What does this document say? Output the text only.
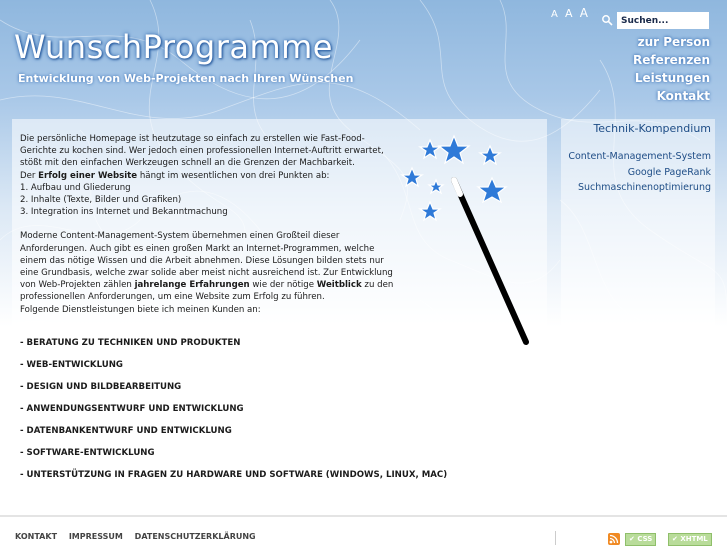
WunschProgramme
Entwicklung von Web-Projekten nach Ihren Wünschen
A A A
Suchen...
zur Person
Referenzen
Leistungen
Kontakt
Technik-Kompendium
Content-Management-System
Google PageRank
Suchmaschinenoptimierung

Die persönliche Homepage ist heutzutage so einfach zu erstellen wie Fast-Food-Gerichte zu kochen sind. Wer jedoch einen professionellen Internet-Auftritt erwartet, stößt mit den einfachen Werkzeugen schnell an die Grenzen der Machbarkeit.

Der Erfolg einer Website hängt im wesentlichen von drei Punkten ab:

1. Aufbau und Gliederung

2. Inhalte (Texte, Bilder und Grafiken)

3. Integration ins Internet und Bekanntmachung

Moderne Content-Management-System übernehmen einen Großteil dieser Anforderungen. Auch gibt es einen großen Markt an Internet-Programmen, welche einem das nötige Wissen und die Arbeit abnehmen. Diese Lösungen bilden stets nur eine Grundbasis, welche zwar solide aber meist nicht ausreichend ist. Zur Entwicklung von Web-Projekten zählen jahrelange Erfahrungen wie der nötige Weitblick zu den professionellen Anforderungen, um eine Website zum Erfolg zu führen.

Folgende Dienstleistungen biete ich meinen Kunden an:

- BERATUNG ZU TECHNIKEN UND PRODUKTEN
- WEB-ENTWICKLUNG
- DESIGN UND BILDBEARBEITUNG
- ANWENDUNGSENTWURF UND ENTWICKLUNG
- DATENBANKENTWURF UND ENTWICKLUNG
- SOFTWARE-ENTWICKLUNG
- UNTERSTÜTZUNG IN FRAGEN ZU HARDWARE UND SOFTWARE (WINDOWS, LINUX, MAC)
KONTAKT IMPRESSUM DATENSCHUTZERKLÄRUNG	✔ CSS	✔ XHTML
